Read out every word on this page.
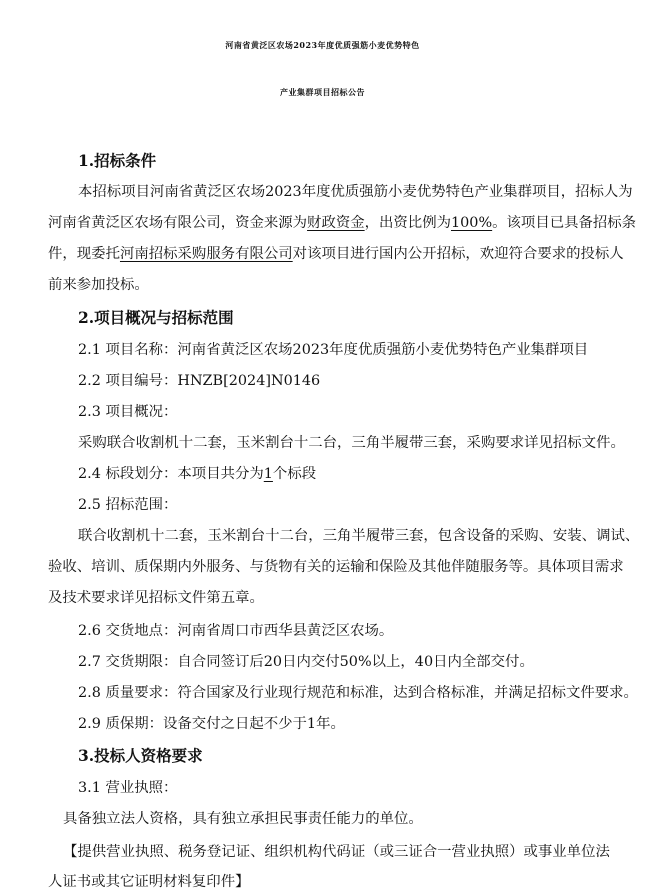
河南省黄泛区农场2023年度优质强筋小麦优势特色
产业集群项目招标公告
1.招标条件
本招标项目河南省黄泛区农场2023年度优质强筋小麦优势特色产业集群项目，招标人为
河南省黄泛区农场有限公司，资金来源为财政资金，出资比例为100%。该项目已具备招标条
件，现委托河南招标采购服务有限公司对该项目进行国内公开招标，欢迎符合要求的投标人
前来参加投标。
2.项目概况与招标范围
2.1 项目名称：河南省黄泛区农场2023年度优质强筋小麦优势特色产业集群项目
2.2 项目编号：HNZB[2024]N0146
2.3 项目概况：
采购联合收割机十二套，玉米割台十二台，三角半履带三套，采购要求详见招标文件。
2.4 标段划分：本项目共分为1个标段
2.5 招标范围：
联合收割机十二套，玉米割台十二台，三角半履带三套，包含设备的采购、安装、调试、
验收、培训、质保期内外服务、与货物有关的运输和保险及其他伴随服务等。具体项目需求
及技术要求详见招标文件第五章。
2.6 交货地点：河南省周口市西华县黄泛区农场。
2.7 交货期限：自合同签订后20日内交付50%以上，40日内全部交付。
2.8 质量要求：符合国家及行业现行规范和标准，达到合格标准，并满足招标文件要求。
2.9 质保期：设备交付之日起不少于1年。
3.投标人资格要求
3.1 营业执照：
具备独立法人资格，具有独立承担民事责任能力的单位。
【提供营业执照、税务登记证、组织机构代码证（或三证合一营业执照）或事业单位法
人证书或其它证明材料复印件】
